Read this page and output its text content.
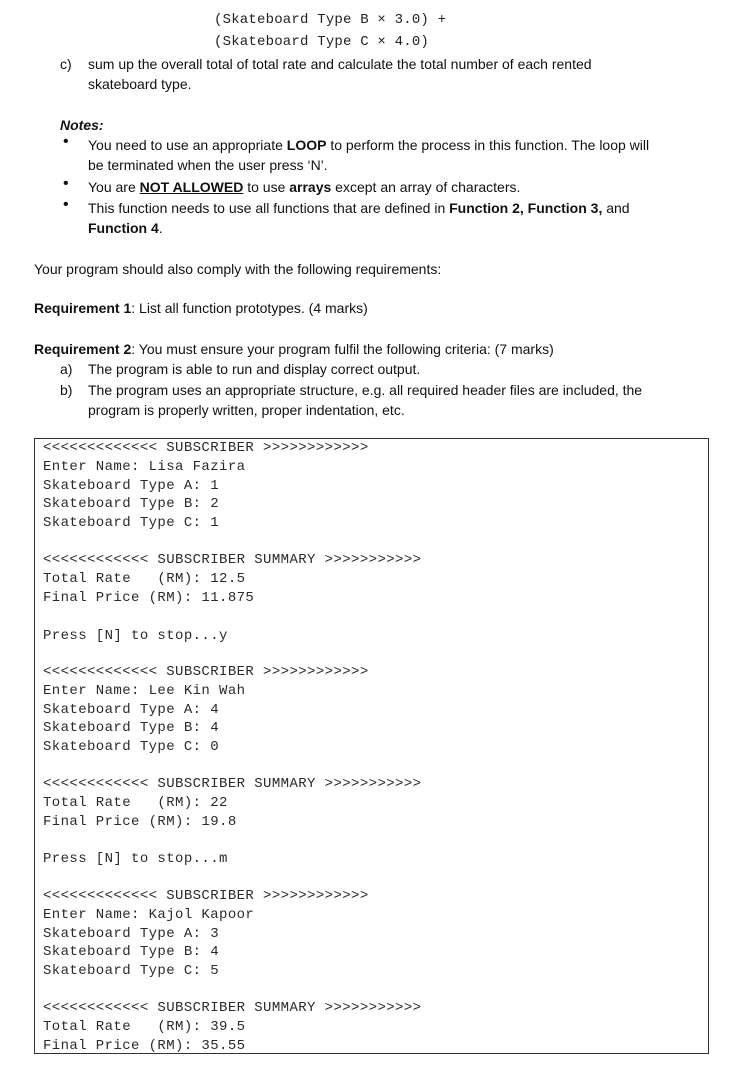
(Skateboard Type B × 3.0) +
(Skateboard Type C × 4.0)
c) sum up the overall total of total rate and calculate the total number of each rented
skateboard type.
Notes:
• You need to use an appropriate LOOP to perform the process in this function. The loop will
be terminated when the user press ‘N’.
• You are NOT ALLOWED to use arrays except an array of characters.
• This function needs to use all functions that are defined in Function 2, Function 3, and
Function 4.
Your program should also comply with the following requirements:
Requirement 1: List all function prototypes. (4 marks)
Requirement 2: You must ensure your program fulfil the following criteria: (7 marks)
a) The program is able to run and display correct output.
b) The program uses an appropriate structure, e.g. all required header files are included, the
program is properly written, proper indentation, etc.
<<<<<<<<<<<<< SUBSCRIBER >>>>>>>>>>>>
Enter Name: Lisa Fazira
Skateboard Type A: 1
Skateboard Type B: 2
Skateboard Type C: 1
<<<<<<<<<<<< SUBSCRIBER SUMMARY >>>>>>>>>>>
Total Rate   (RM): 12.5
Final Price (RM): 11.875
Press [N] to stop...y
<<<<<<<<<<<<< SUBSCRIBER >>>>>>>>>>>>
Enter Name: Lee Kin Wah
Skateboard Type A: 4
Skateboard Type B: 4
Skateboard Type C: 0
<<<<<<<<<<<< SUBSCRIBER SUMMARY >>>>>>>>>>>
Total Rate   (RM): 22
Final Price (RM): 19.8
Press [N] to stop...m
<<<<<<<<<<<<< SUBSCRIBER >>>>>>>>>>>>
Enter Name: Kajol Kapoor
Skateboard Type A: 3
Skateboard Type B: 4
Skateboard Type C: 5
<<<<<<<<<<<< SUBSCRIBER SUMMARY >>>>>>>>>>>
Total Rate   (RM): 39.5
Final Price (RM): 35.55
